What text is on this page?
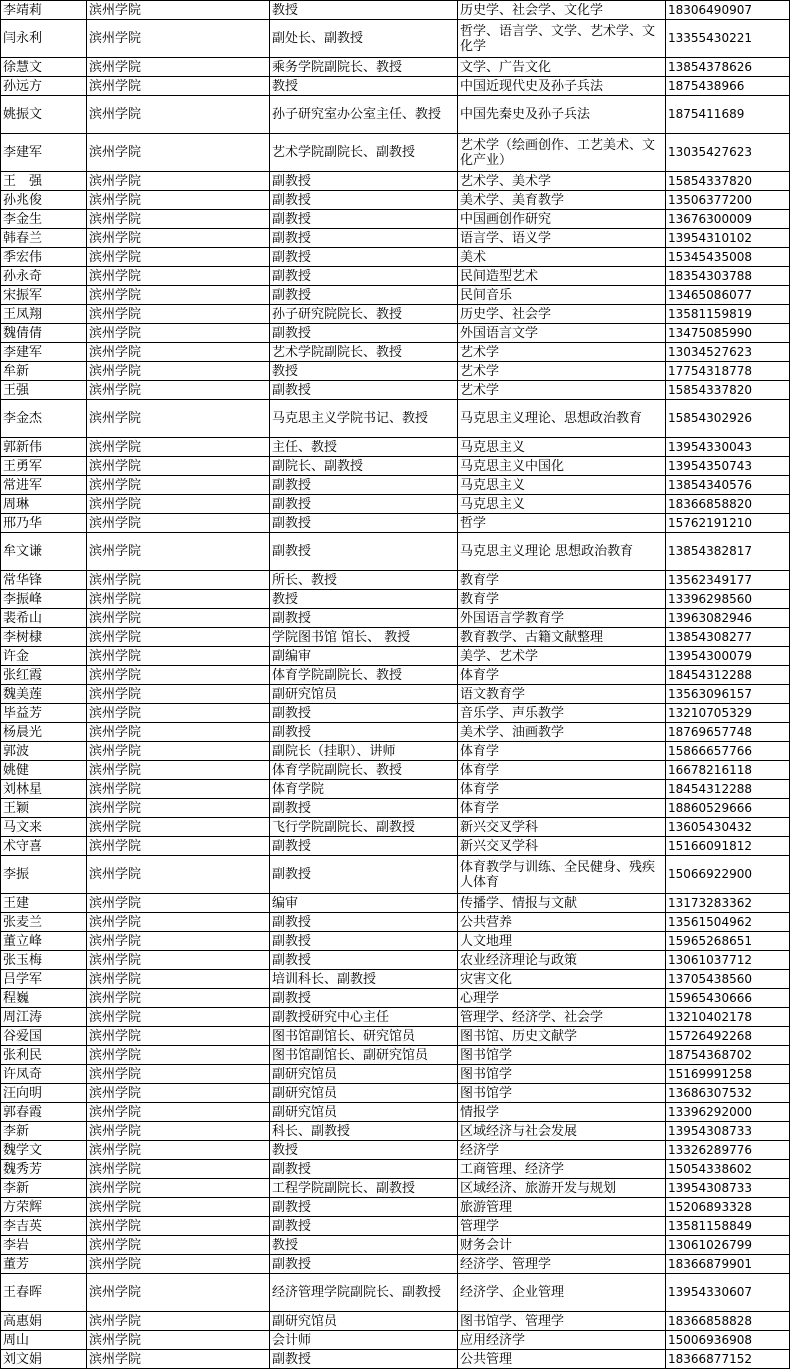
李靖莉	滨州学院	教授	历史学、社会学、文化学	18306490907
闫永利	滨州学院	副处长、副教授	哲学、语言学、文学、艺术学、文化学	13355430221
徐慧文	滨州学院	乘务学院副院长、教授	文学、广告文化	13854378626
孙远方	滨州学院	教授	中国近现代史及孙子兵法	1875438966
姚振文	滨州学院	孙子研究室办公室主任、教授	中国先秦史及孙子兵法	1875411689
李建军	滨州学院	艺术学院副院长、副教授	艺术学（绘画创作、工艺美术、文化产业）	13035427623
王　强	滨州学院	副教授	艺术学、美术学	15854337820
孙兆俊	滨州学院	副教授	美术学、美育教学	13506377200
李金生	滨州学院	副教授	中国画创作研究	13676300009
韩春兰	滨州学院	副教授	语言学、语义学	13954310102
季宏伟	滨州学院	副教授	美术	15345435008
孙永奇	滨州学院	副教授	民间造型艺术	18354303788
宋振军	滨州学院	副教授	民间音乐	13465086077
王凤翔	滨州学院	孙子研究院院长、教授	历史学、社会学	13581159819
魏倩倩	滨州学院	副教授	外国语言文学	13475085990
李建军	滨州学院	艺术学院副院长、教授	艺术学	13034527623
牟新	滨州学院	教授	艺术学	17754318778
王强	滨州学院	副教授	艺术学	15854337820
李金杰	滨州学院	马克思主义学院书记、教授	马克思主义理论、思想政治教育	15854302926
郭新伟	滨州学院	主任、教授	马克思主义	13954330043
王勇军	滨州学院	副院长、副教授	马克思主义中国化	13954350743
常进军	滨州学院	副教授	马克思主义	13854340576
周琳	滨州学院	副教授	马克思主义	18366858820
邢乃华	滨州学院	副教授	哲学	15762191210
牟文谦	滨州学院	副教授	马克思主义理论 思想政治教育	13854382817
常华锋	滨州学院	所长、教授	教育学	13562349177
李振峰	滨州学院	教授	教育学	13396298560
裴希山	滨州学院	副教授	外国语言学教育学	13963082946
李树棣	滨州学院	学院图书馆 馆长、 教授	教育教学、古籍文献整理	13854308277
许金	滨州学院	副编审	美学、艺术学	13954300079
张红霞	滨州学院	体育学院副院长、教授	体育学	18454312288
魏美莲	滨州学院	副研究馆员	语文教育学	13563096157
毕益芳	滨州学院	副教授	音乐学、声乐教学	13210705329
杨晨光	滨州学院	副教授	美术学、油画教学	18769657748
郭波	滨州学院	副院长（挂职）、讲师	体育学	15866657766
姚健	滨州学院	体育学院副院长、教授	体育学	16678216118
刘林星	滨州学院	体育学院	体育学	18454312288
王颖	滨州学院	副教授	体育学	18860529666
马文来	滨州学院	飞行学院副院长、副教授	新兴交叉学科	13605430432
术守喜	滨州学院	副教授	新兴交叉学科	15166091812
李振	滨州学院	副教授	体育教学与训练、全民健身、残疾人体育	15066922900
王建	滨州学院	编审	传播学、情报与文献	13173283362
张麦兰	滨州学院	副教授	公共营养	13561504962
董立峰	滨州学院	副教授	人文地理	15965268651
张玉梅	滨州学院	副教授	农业经济理论与政策	13061037712
吕学军	滨州学院	培训科长、副教授	灾害文化	13705438560
程巍	滨州学院	副教授	心理学	15965430666
周江涛	滨州学院	副教授研究中心主任	管理学、经济学、社会学	13210402178
谷爱国	滨州学院	图书馆副馆长、研究馆员	图书馆、历史文献学	15726492268
张利民	滨州学院	图书馆副馆长、副研究馆员	图书馆学	18754368702
许凤奇	滨州学院	副研究馆员	图书馆学	15169991258
汪向明	滨州学院	副研究馆员	图书馆学	13686307532
郭春霞	滨州学院	副研究馆员	情报学	13396292000
李新	滨州学院	科长、副教授	区域经济与社会发展	13954308733
魏学文	滨州学院	教授	经济学	13326289776
魏秀芳	滨州学院	副教授	工商管理、经济学	15054338602
李新	滨州学院	工程学院副院长、副教授	区域经济、旅游开发与规划	13954308733
方荣辉	滨州学院	副教授	旅游管理	15206893328
李吉英	滨州学院	副教授	管理学	13581158849
李岩	滨州学院	教授	财务会计	13061026799
董芳	滨州学院	副教授	经济学、管理学	18366879901
王春晖	滨州学院	经济管理学院副院长、副教授	经济学、企业管理	13954330607
高惠娟	滨州学院	副研究馆员	图书馆学、管理学	18366858828
周山	滨州学院	会计师	应用经济学	15006936908
刘文娟	滨州学院	副教授	公共管理	18366877152
